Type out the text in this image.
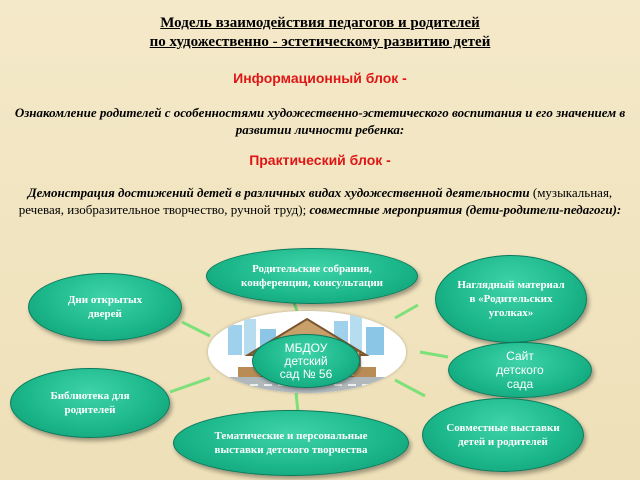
Модель взаимодействия педагогов и родителей
по художественно - эстетическому развитию детей
Информационный блок -
Ознакомление родителей с особенностями художественно-эстетического воспитания и его значением в развитии личности ребенка:
Практический блок -
Демонстрация достижений детей в различных видах художественной деятельности (музыкальная, речевая, изобразительное творчество, ручной труд); совместные мероприятия (дети-родители-педагоги):
МБДОУ
детский
сад № 56
Родительские собрания, конференции, консультации	Наглядный материал в «Родительских уголках»
Дни открытых дверей
Сайт
детского
сада
Библиотека для родителей
Совместные выставки детей и родителей
Тематические и персональные выставки детского творчества
